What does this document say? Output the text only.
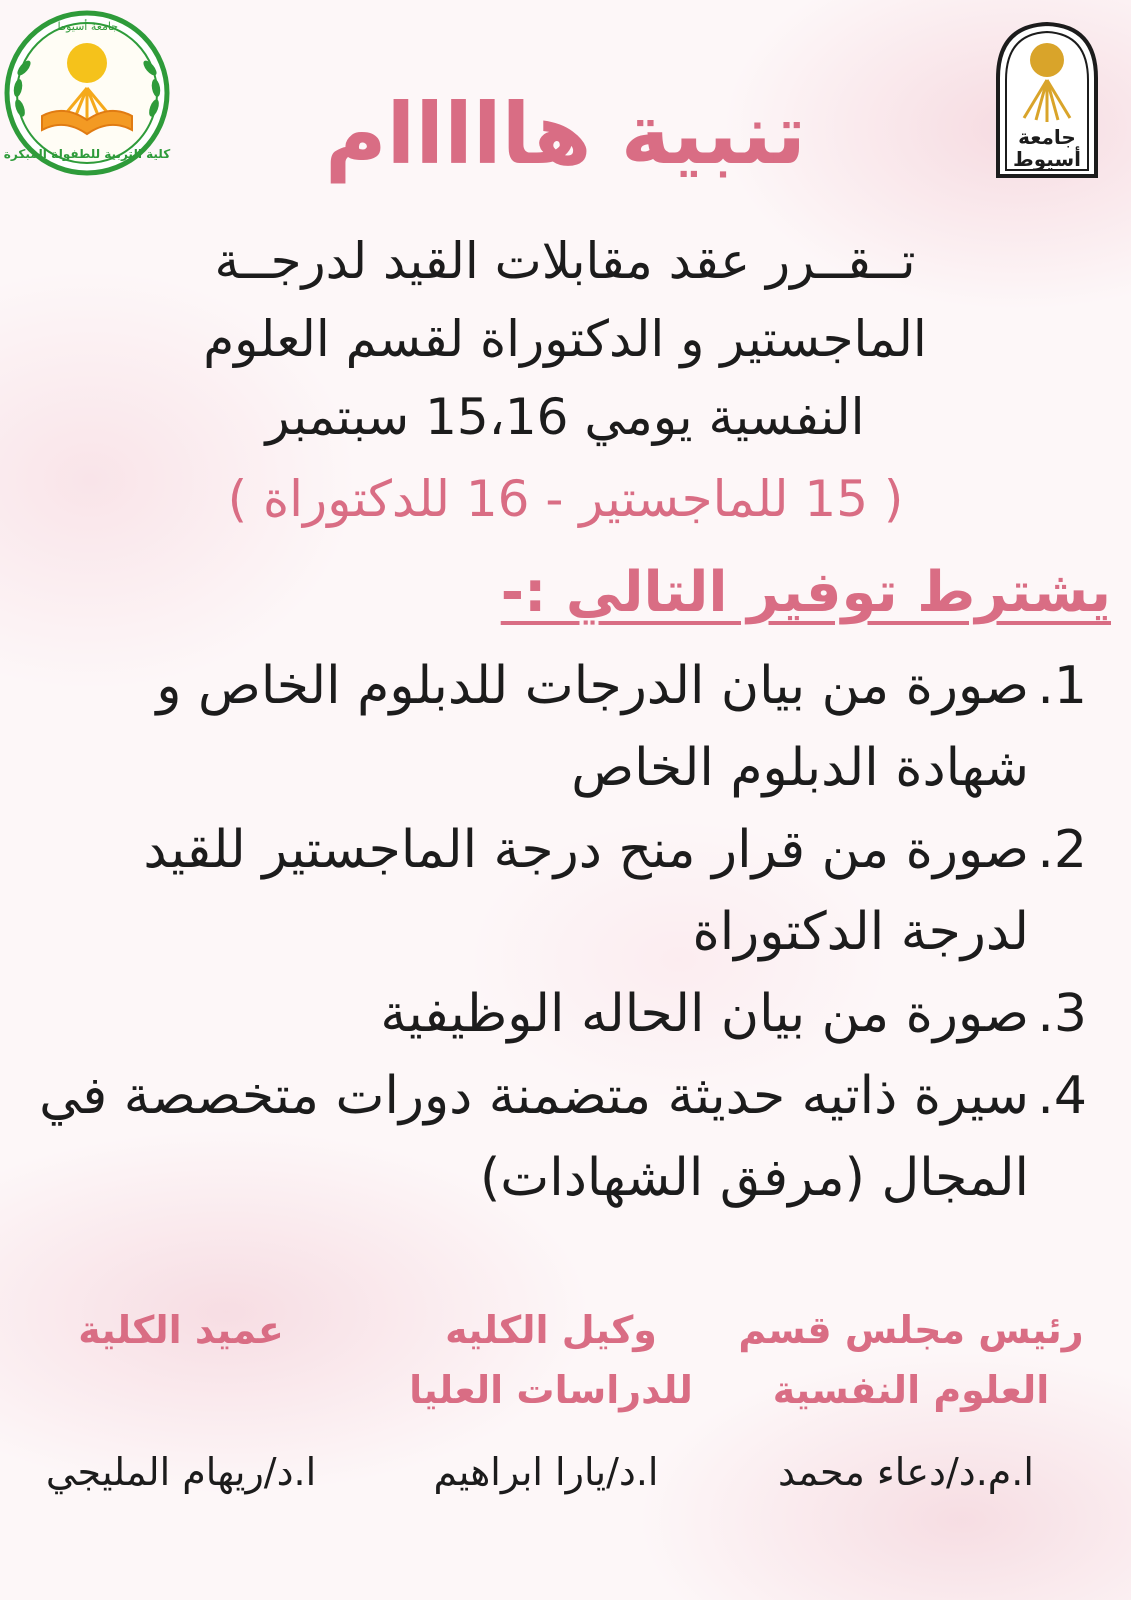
كلية التربية للطفولة المبكرة
جامعة أسيوط
جامعة
أسيوط
تنبية هااااام
تــقــرر عقد مقابلات القيد لدرجــة
الماجستير و الدكتوراة لقسم العلوم
النفسية يومي 15،16 سبتمبر
( 15 للماجستير - 16 للدكتوراة )
يشترط توفير التالي :-
1.
صورة من بيان الدرجات للدبلوم الخاص و شهادة الدبلوم الخاص
2.
صورة من قرار منح درجة الماجستير للقيد لدرجة الدكتوراة
3.
صورة من بيان الحاله الوظيفية
4.
سيرة ذاتيه حديثة متضمنة دورات متخصصة في المجال (مرفق الشهادات)
رئيس مجلس قسم العلوم النفسية
وكيل الكليه للدراسات العليا
عميد الكلية
ا.م.د/دعاء محمد
ا.د/يارا ابراهيم
ا.د/ريهام المليجي
